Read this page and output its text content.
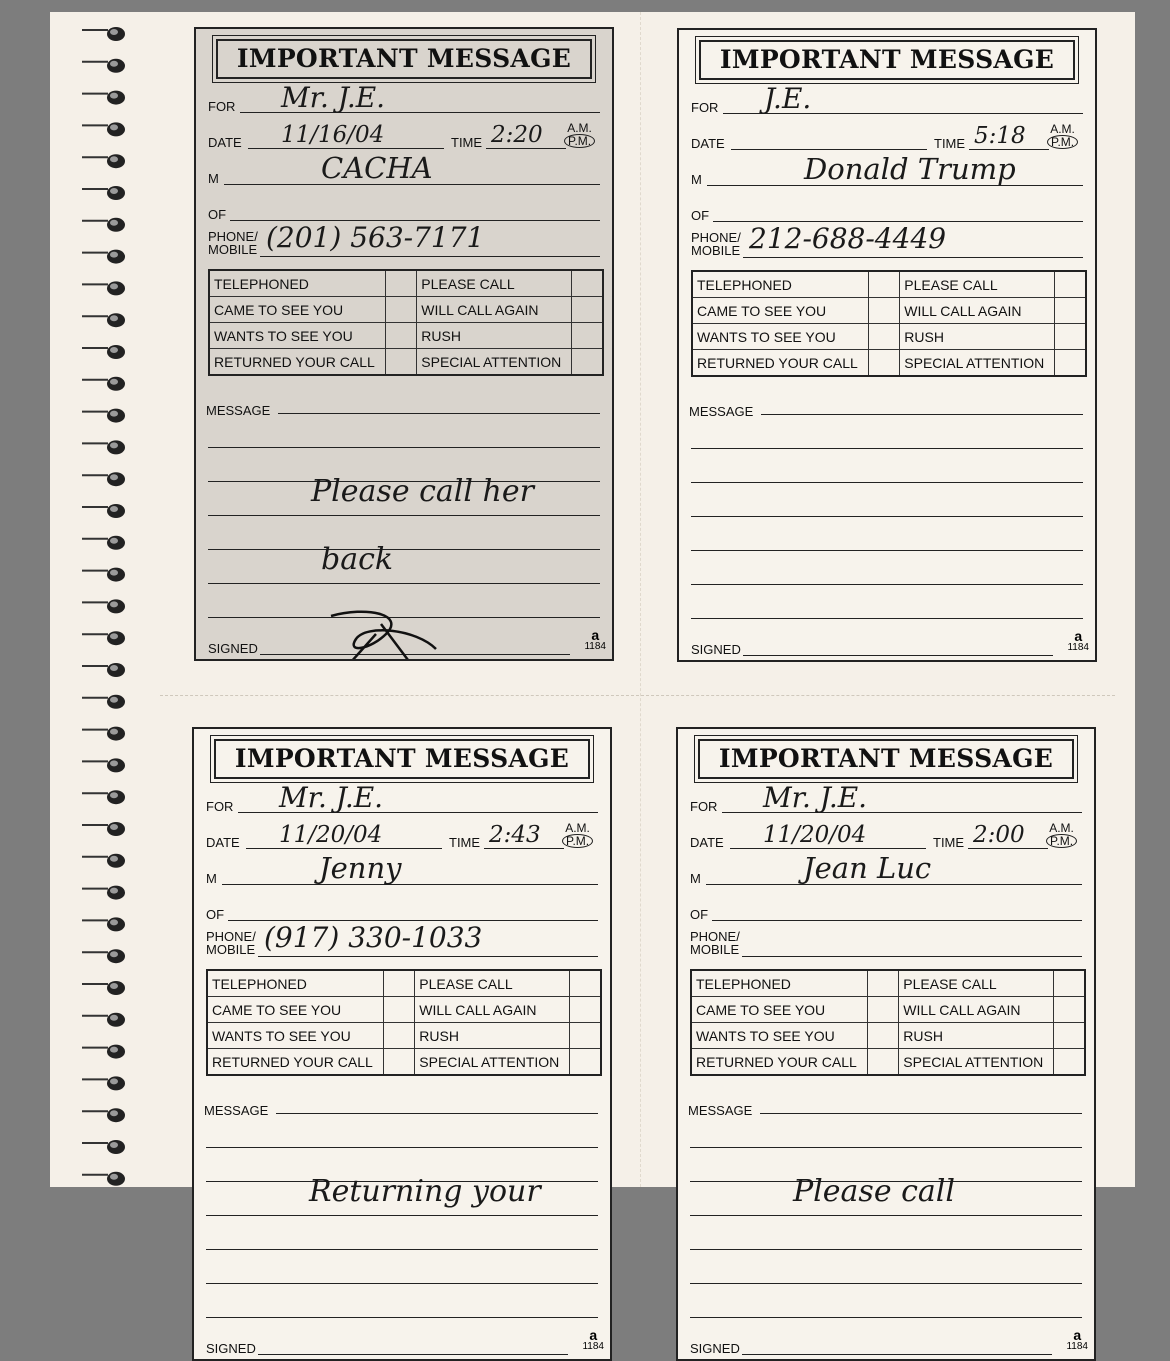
IMPORTANT MESSAGE
FOR Mr. J.E.
DATE 11/16/04	TIME 2:20 A.M.
P.M.
M	CACHA
OF
PHONE/
MOBILE (201) 563-7171
TELEPHONED		PLEASE CALL	
CAME TO SEE YOU		WILL CALL AGAIN	
WANTS TO SEE YOU		RUSH	
RETURNED YOUR CALL		SPECIAL ATTENTION	
MESSAGE
Please call her
back
SIGNED
a
1184
IMPORTANT MESSAGE
FOR J.E.
DATE	TIME 5:18 A.M.
P.M.
M	Donald Trump
OF
PHONE/
MOBILE 212-688-4449
TELEPHONED		PLEASE CALL	
CAME TO SEE YOU		WILL CALL AGAIN	
WANTS TO SEE YOU		RUSH	
RETURNED YOUR CALL		SPECIAL ATTENTION	
MESSAGE
SIGNED
a
1184
IMPORTANT MESSAGE
FOR Mr. J.E.
DATE 11/20/04	TIME 2:43 A.M.
P.M.
M	Jenny
OF
PHONE/
MOBILE (917) 330-1033
TELEPHONED		PLEASE CALL	
CAME TO SEE YOU		WILL CALL AGAIN	
WANTS TO SEE YOU		RUSH	
RETURNED YOUR CALL		SPECIAL ATTENTION	
MESSAGE
Returning your
SIGNED
a
1184
IMPORTANT MESSAGE
FOR Mr. J.E.
DATE 11/20/04	TIME 2:00 A.M.
P.M.
M	Jean Luc
OF
PHONE/
MOBILE
TELEPHONED		PLEASE CALL	
CAME TO SEE YOU		WILL CALL AGAIN	
WANTS TO SEE YOU		RUSH	
RETURNED YOUR CALL		SPECIAL ATTENTION	
MESSAGE
Please call
SIGNED
a
1184
